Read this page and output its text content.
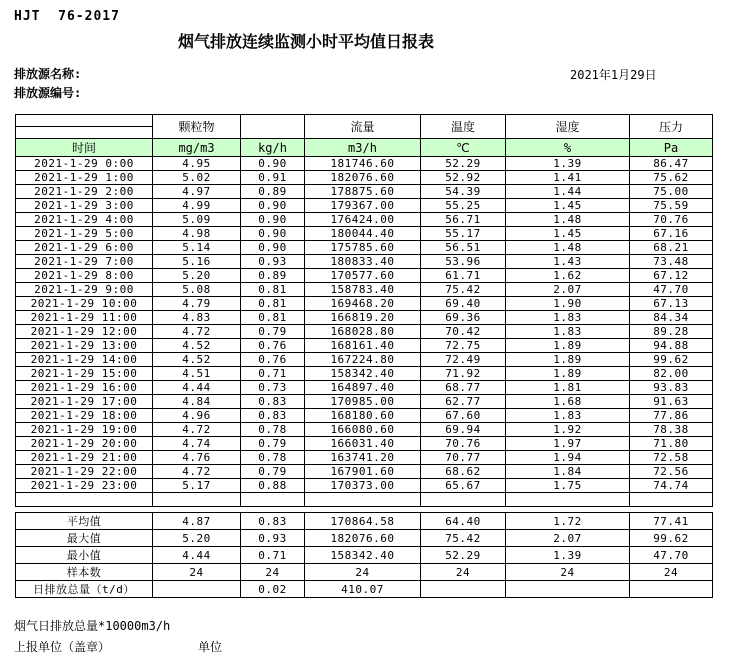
HJT  76-2017
烟气排放连续监测小时平均值日报表
排放源名称:
排放源编号:
2021年1月29日
	颗粒物		流量	温度	湿度	压力

时间	mg/m3	kg/h	m3/h	℃	%	Pa
2021-1-29 0:00	4.95	0.90	181746.60	52.29	1.39	86.47
2021-1-29 1:00	5.02	0.91	182076.60	52.92	1.41	75.62
2021-1-29 2:00	4.97	0.89	178875.60	54.39	1.44	75.00
2021-1-29 3:00	4.99	0.90	179367.00	55.25	1.45	75.59
2021-1-29 4:00	5.09	0.90	176424.00	56.71	1.48	70.76
2021-1-29 5:00	4.98	0.90	180044.40	55.17	1.45	67.16
2021-1-29 6:00	5.14	0.90	175785.60	56.51	1.48	68.21
2021-1-29 7:00	5.16	0.93	180833.40	53.96	1.43	73.48
2021-1-29 8:00	5.20	0.89	170577.60	61.71	1.62	67.12
2021-1-29 9:00	5.08	0.81	158783.40	75.42	2.07	47.70
2021-1-29 10:00	4.79	0.81	169468.20	69.40	1.90	67.13
2021-1-29 11:00	4.83	0.81	166819.20	69.36	1.83	84.34
2021-1-29 12:00	4.72	0.79	168028.80	70.42	1.83	89.28
2021-1-29 13:00	4.52	0.76	168161.40	72.75	1.89	94.88
2021-1-29 14:00	4.52	0.76	167224.80	72.49	1.89	99.62
2021-1-29 15:00	4.51	0.71	158342.40	71.92	1.89	82.00
2021-1-29 16:00	4.44	0.73	164897.40	68.77	1.81	93.83
2021-1-29 17:00	4.84	0.83	170985.00	62.77	1.68	91.63
2021-1-29 18:00	4.96	0.83	168180.60	67.60	1.83	77.86
2021-1-29 19:00	4.72	0.78	166080.60	69.94	1.92	78.38
2021-1-29 20:00	4.74	0.79	166031.40	70.76	1.97	71.80
2021-1-29 21:00	4.76	0.78	163741.20	70.77	1.94	72.58
2021-1-29 22:00	4.72	0.79	167901.60	68.62	1.84	72.56
2021-1-29 23:00	5.17	0.88	170373.00	65.67	1.75	74.74

平均值	4.87	0.83	170864.58	64.40	1.72	77.41
最大值	5.20	0.93	182076.60	75.42	2.07	99.62
最小值	4.44	0.71	158342.40	52.29	1.39	47.70
样本数	24	24	24	24	24	24
日排放总量（t/d）		0.02	410.07			
烟气日排放总量*10000m3/h
上报单位（盖章）	单位
